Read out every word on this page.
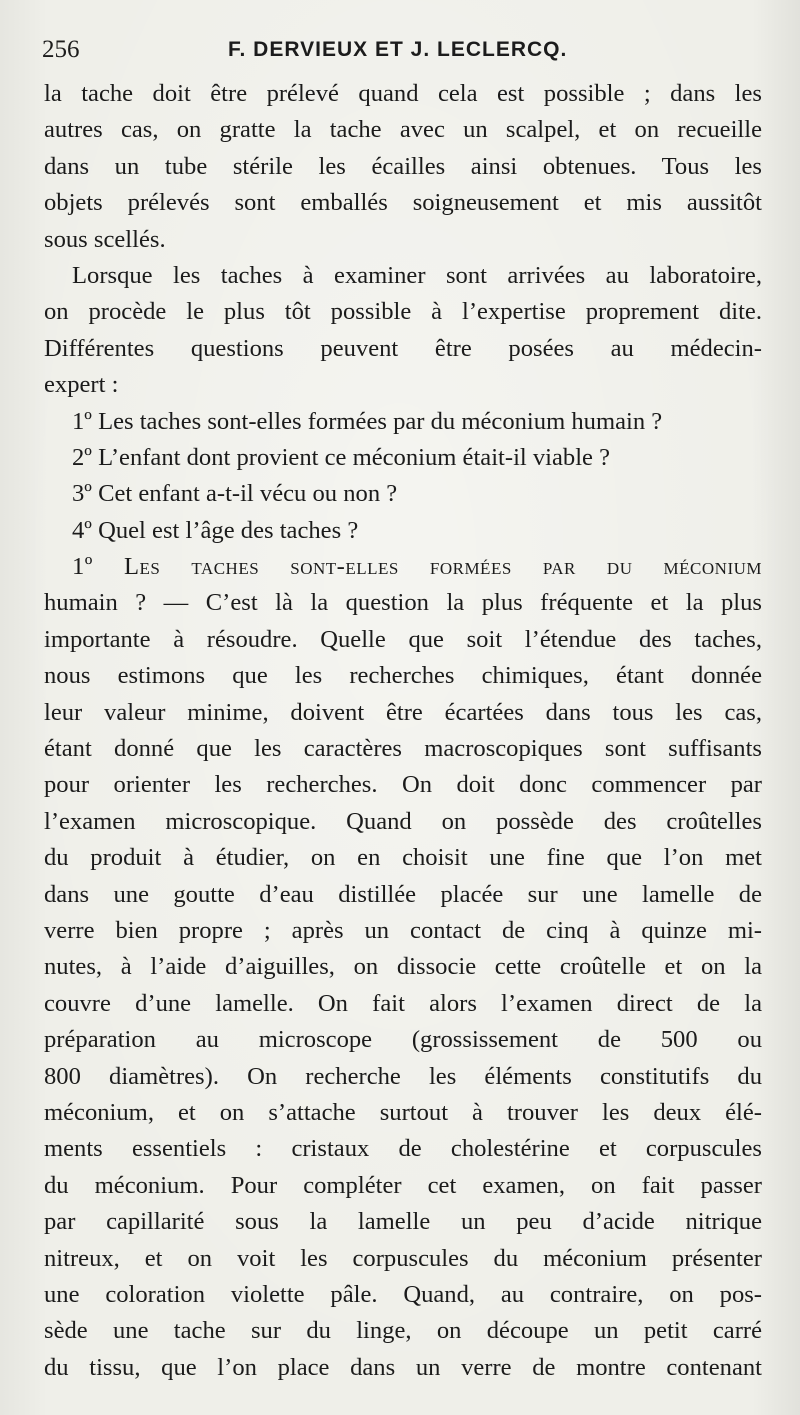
256	F. DERVIEUX ET J. LECLERCQ.
la tache doit être prélevé quand cela est possible ; dans les
autres cas, on gratte la tache avec un scalpel, et on recueille
dans un tube stérile les écailles ainsi obtenues. Tous les
objets prélevés sont emballés soigneusement et mis aussitôt
sous scellés.
Lorsque les taches à examiner sont arrivées au laboratoire,
on procède le plus tôt possible à l’expertise proprement dite.
Différentes questions peuvent être posées au médecin-
expert :
1º Les taches sont-elles formées par du méconium humain ?
2º L’enfant dont provient ce méconium était-il viable ?
3º Cet enfant a-t-il vécu ou non ?
4º Quel est l’âge des taches ?
1º Les taches sont-elles formées par du méconium
humain ? — C’est là la question la plus fréquente et la plus
importante à résoudre. Quelle que soit l’étendue des taches,
nous estimons que les recherches chimiques, étant donnée
leur valeur minime, doivent être écartées dans tous les cas,
étant donné que les caractères macroscopiques sont suffisants
pour orienter les recherches. On doit donc commencer par
l’examen microscopique. Quand on possède des croûtelles
du produit à étudier, on en choisit une fine que l’on met
dans une goutte d’eau distillée placée sur une lamelle de
verre bien propre ; après un contact de cinq à quinze mi-
nutes, à l’aide d’aiguilles, on dissocie cette croûtelle et on la
couvre d’une lamelle. On fait alors l’examen direct de la
préparation au microscope (grossissement de 500 ou
800 diamètres). On recherche les éléments constitutifs du
méconium, et on s’attache surtout à trouver les deux élé-
ments essentiels : cristaux de cholestérine et corpuscules
du méconium. Pour compléter cet examen, on fait passer
par capillarité sous la lamelle un peu d’acide nitrique
nitreux, et on voit les corpuscules du méconium présenter
une coloration violette pâle. Quand, au contraire, on pos-
sède une tache sur du linge, on découpe un petit carré
du tissu, que l’on place dans un verre de montre contenant
